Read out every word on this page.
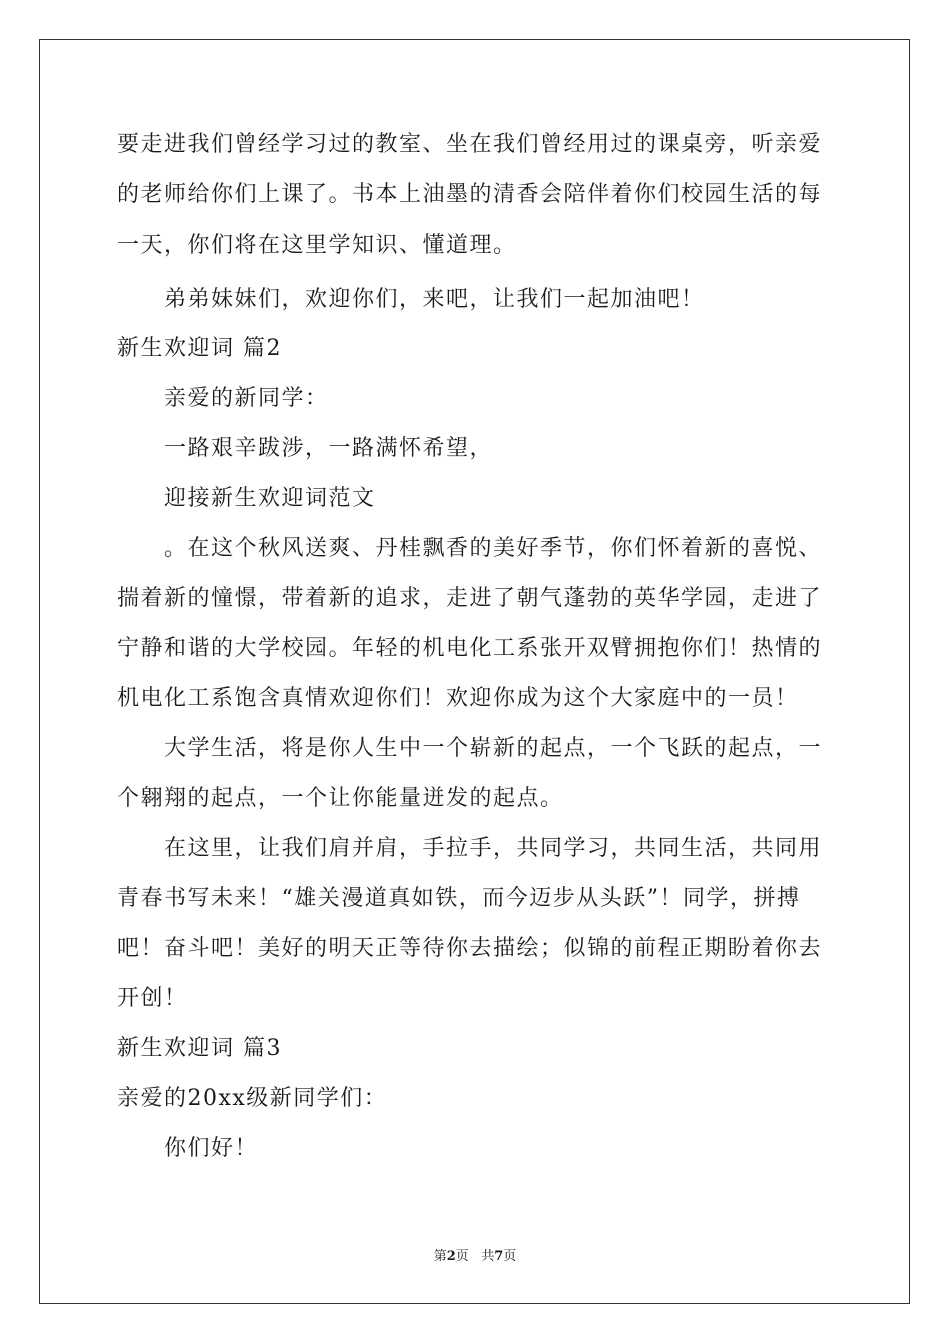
要走进我们曾经学习过的教室、坐在我们曾经用过的课桌旁，听亲爱
的老师给你们上课了。书本上油墨的清香会陪伴着你们校园生活的每
一天，你们将在这里学知识、懂道理。
弟弟妹妹们，欢迎你们，来吧，让我们一起加油吧！
新生欢迎词 篇2
亲爱的新同学：
一路艰辛跋涉，一路满怀希望，
迎接新生欢迎词范文
。在这个秋风送爽、丹桂飘香的美好季节，你们怀着新的喜悦、
揣着新的憧憬，带着新的追求，走进了朝气蓬勃的英华学园，走进了
宁静和谐的大学校园。年轻的机电化工系张开双臂拥抱你们！热情的
机电化工系饱含真情欢迎你们！欢迎你成为这个大家庭中的一员！
大学生活，将是你人生中一个崭新的起点，一个飞跃的起点，一
个翱翔的起点，一个让你能量迸发的起点。
在这里，让我们肩并肩，手拉手，共同学习，共同生活，共同用
青春书写未来！“雄关漫道真如铁，而今迈步从头跃”！同学，拼搏
吧！奋斗吧！美好的明天正等待你去描绘；似锦的前程正期盼着你去
开创！
新生欢迎词 篇3
亲爱的20xx级新同学们：
你们好！
第2页 共7页
